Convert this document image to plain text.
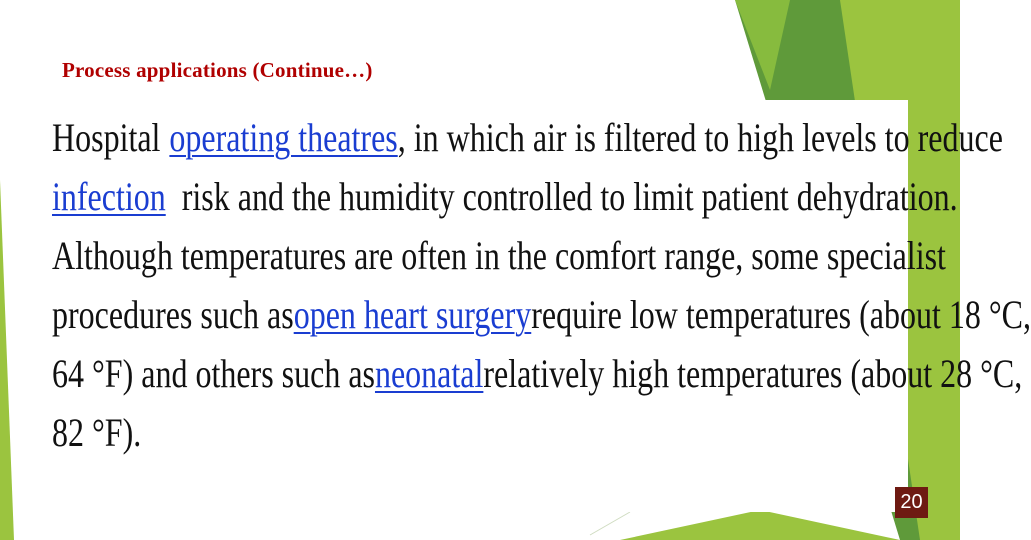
Process applications (Continue…)
Hospital operating theatres, in which air is filtered to high levels to reduce
infection risk and the humidity controlled to limit patient dehydration.
Although temperatures are often in the comfort range, some specialist
procedures such as open heart surgery require low temperatures (about 18 °C,
64 °F) and others such as neonatal relatively high temperatures (about 28 °C,
82 °F).
20
